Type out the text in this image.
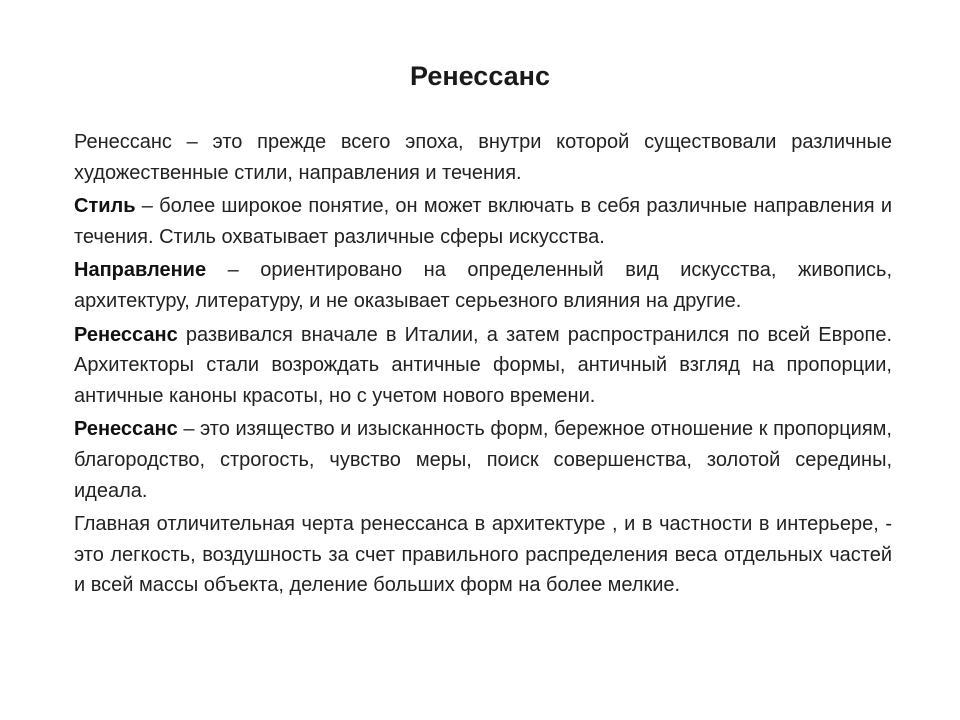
Ренессанс

Ренессанс – это прежде всего эпоха, внутри которой существовали различные художественные стили, направления и течения.

Стиль – более широкое понятие, он может включать в себя различные направления и течения. Стиль охватывает различные сферы искусства.

Направление – ориентировано на определенный вид искусства, живопись, архитектуру, литературу, и не оказывает серьезного влияния на другие.

Ренессанс развивался вначале в Италии, а затем распространился по всей Европе. Архитекторы стали возрождать античные формы, античный взгляд на пропорции, античные каноны красоты, но с учетом нового времени.

Ренессанс – это изящество и изысканность форм, бережное отношение к пропорциям, благородство, строгость, чувство меры, поиск совершенства, золотой середины, идеала.

Главная отличительная черта ренессанса в архитектуре , и в частности в интерьере, - это легкость, воздушность за счет правильного распределения веса отдельных частей и всей массы объекта, деление больших форм на более мелкие.
